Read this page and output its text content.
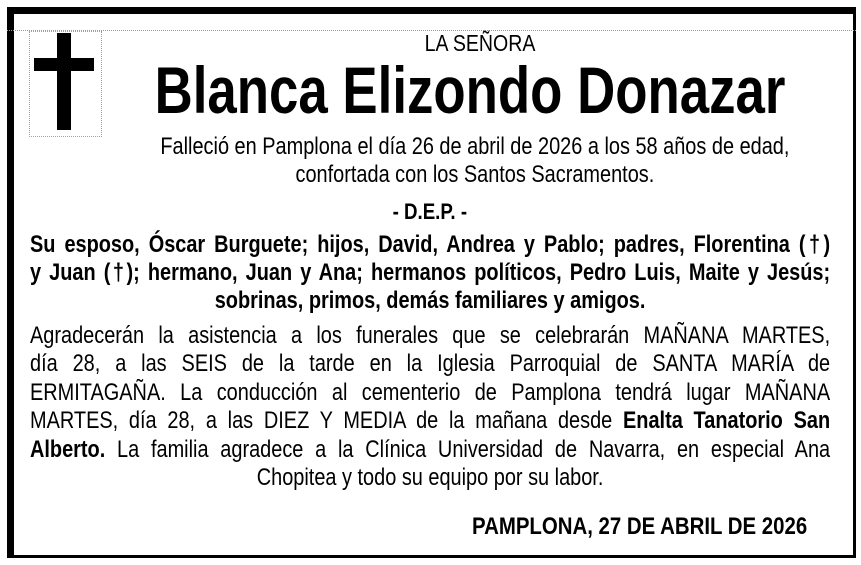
LA SEÑORA
Blanca Elizondo Donazar
Falleció en Pamplona el día 26 de abril de 2026 a los 58 años de edad,
confortada con los Santos Sacramentos.
- D.E.P. -
Su esposo, Óscar Burguete; hijos, David, Andrea y Pablo; padres, Florentina (†)
y Juan (†); hermano, Juan y Ana; hermanos políticos, Pedro Luis, Maite y Jesús;
sobrinas, primos, demás familiares y amigos.
Agradecerán la asistencia a los funerales que se celebrarán MAÑANA MARTES,
día 28, a las SEIS de la tarde en la Iglesia Parroquial de SANTA MARÍA de
ERMITAGAÑA. La conducción al cementerio de Pamplona tendrá lugar MAÑANA
MARTES, día 28, a las DIEZ Y MEDIA de la mañana desde Enalta Tanatorio San
Alberto. La familia agradece a la Clínica Universidad de Navarra, en especial Ana
Chopitea y todo su equipo por su labor.
PAMPLONA, 27 DE ABRIL DE 2026
